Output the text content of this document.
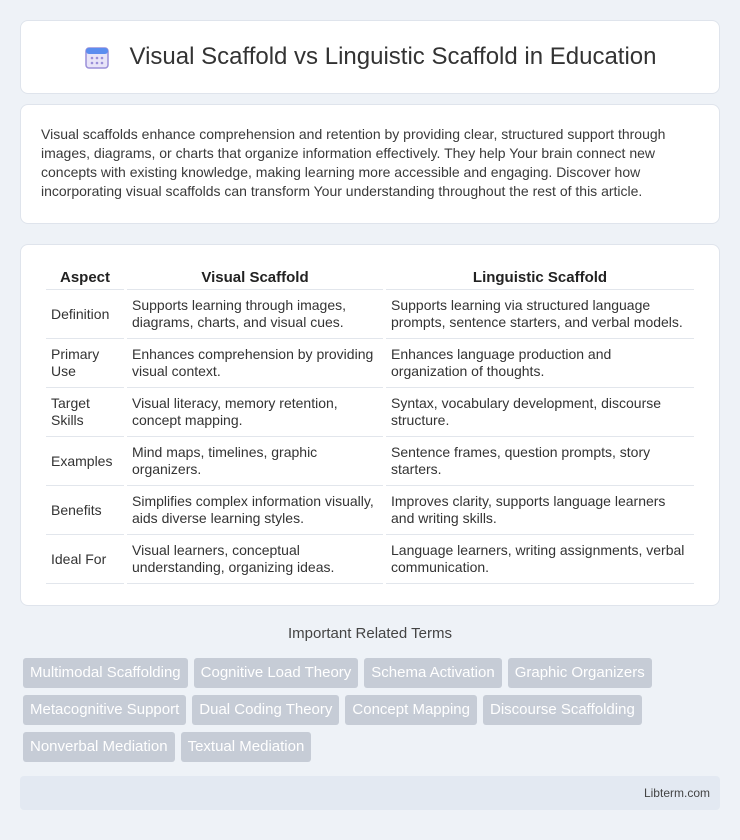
Visual Scaffold vs Linguistic Scaffold in Education
Visual scaffolds enhance comprehension and retention by providing clear, structured support through images, diagrams, or charts that organize information effectively. They help Your brain connect new concepts with existing knowledge, making learning more accessible and engaging. Discover how incorporating visual scaffolds can transform Your understanding throughout the rest of this article.
Aspect	Visual Scaffold	Linguistic Scaffold
Definition	Supports learning through images, diagrams, charts, and visual cues.	Supports learning via structured language prompts, sentence starters, and verbal models.
Primary Use	Enhances comprehension by providing visual context.	Enhances language production and organization of thoughts.
Target Skills	Visual literacy, memory retention, concept mapping.	Syntax, vocabulary development, discourse structure.
Examples	Mind maps, timelines, graphic organizers.	Sentence frames, question prompts, story starters.
Benefits	Simplifies complex information visually, aids diverse learning styles.	Improves clarity, supports language learners and writing skills.
Ideal For	Visual learners, conceptual understanding, organizing ideas.	Language learners, writing assignments, verbal communication.
Important Related Terms
Multimodal Scaffolding	Cognitive Load Theory	Schema Activation	Graphic Organizers
Metacognitive Support	Dual Coding Theory	Concept Mapping	Discourse Scaffolding
Nonverbal Mediation	Textual Mediation
Libterm.com
